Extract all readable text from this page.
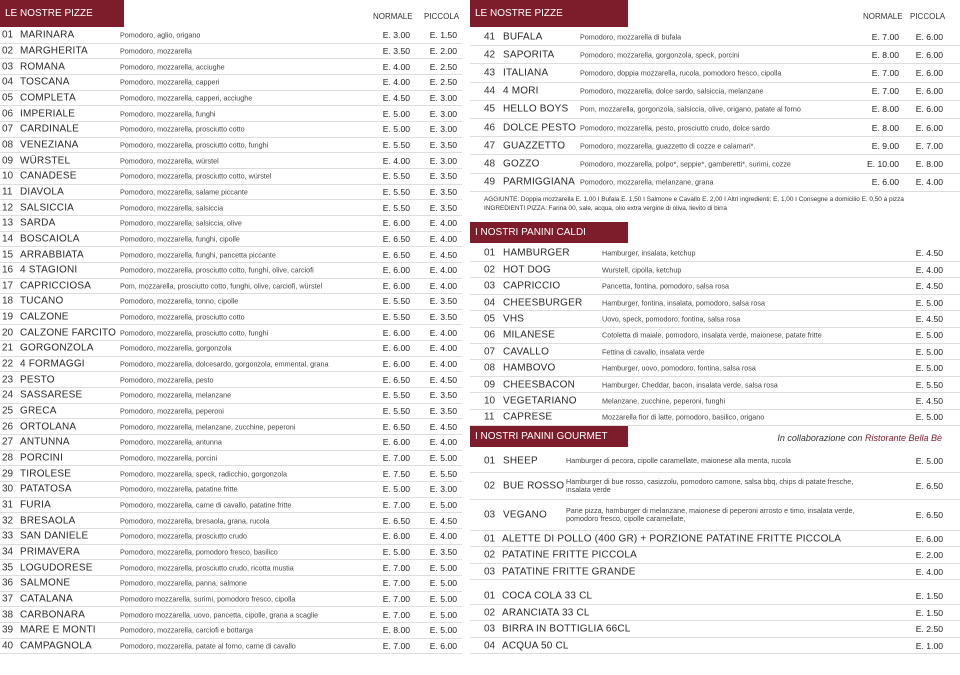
LE NOSTRE PIZZE	NORMALE PICCOLA
01 MARINARA	Pomodoro, aglio, origano	E. 3.00 E. 1.50
02 MARGHERITA	Pomodoro, mozzarella	E. 3.50 E. 2.00
03 ROMANA	Pomodoro, mozzarella, acciughe	E. 4.00 E. 2.50
04 TOSCANA	Pomodoro, mozzarella, capperi	E. 4.00 E. 2.50
05 COMPLETA	Pomodoro, mozzarella, capperi, acciughe	E. 4.50 E. 3.00
06 IMPERIALE	Pomodoro, mozzarella, funghi	E. 5.00 E. 3.00
07 CARDINALE	Pomodoro, mozzarella, prosciutto cotto	E. 5.00 E. 3.00
08 VENEZIANA	Pomodoro, mozzarella, prosciutto cotto, funghi	E. 5.50 E. 3.50
09 WÜRSTEL	Pomodoro, mozzarella, würstel	E. 4.00 E. 3.00
10 CANADESE	Pomodoro, mozzarella, prosciutto cotto, würstel	E. 5.50 E. 3.50
11 DIAVOLA	Pomodoro, mozzarella, salame piccante	E. 5.50 E. 3.50
12 SALSICCIA	Pomodoro, mozzarella, salsiccia	E. 5.50 E. 3.50
13 SARDA	Pomodoro, mozzarella, salsiccia, olive	E. 6.00 E. 4.00
14 BOSCAIOLA	Pomodoro, mozzarella, funghi, cipolle	E. 6.50 E. 4.00
15 ARRABBIATA	Pomodoro, mozzarella, funghi, pancetta piccante	E. 6.50 E. 4.50
16 4 STAGIONI	Pomodoro, mozzarella, prosciutto cotto, funghi, olive, carciofi	E. 6.00 E. 4.00
17 CAPRICCIOSA	Pom, mozzarella, prosciutto cotto, funghi, olive, carciofi, würstel	E. 6.00 E. 4.00
18 TUCANO	Pomodoro, mozzarella, tonno, cipolle	E. 5.50 E. 3.50
19 CALZONE	Pomodoro, mozzarella, prosciutto cotto	E. 5.50 E. 3.50
20 CALZONE FARCITO Pomodoro, mozzarella, prosciutto cotto, funghi	E. 6.00 E. 4.00
21 GORGONZOLA	Pomodoro, mozzarella, gorgonzola	E. 6.00 E. 4.00
22 4 FORMAGGI	Pomodoro, mozzarella, dolcesardo, gorgonzola, emmental, grana	E. 6.00 E. 4.00
23 PESTO	Pomodoro, mozzarella, pesto	E. 6.50 E. 4.50
24 SASSARESE	Pomodoro, mozzarella, melanzane	E. 5.50 E. 3.50
25 GRECA	Pomodoro, mozzarella, peperoni	E. 5.50 E. 3.50
26 ORTOLANA	Pomodoro, mozzarella, melanzane, zucchine, peperoni	E. 6.50 E. 4.50
27 ANTUNNA	Pomodoro, mozzarella, antunna	E. 6.00 E. 4.00
28 PORCINI	Pomodoro, mozzarella, porcini	E. 7.00 E. 5.00
29 TIROLESE	Pomodoro, mozzarella, speck, radicchio, gorgonzola	E. 7.50 E. 5.50
30 PATATOSA	Pomodoro, mozzarella, patatine fritte	E. 5.00 E. 3.00
31 FURIA	Pomodoro, mozzarella, carne di cavallo, patatine fritte	E. 7.00 E. 5.00
32 BRESAOLA	Pomodoro, mozzarella, bresaola, grana, rucola	E. 6.50 E. 4.50
33 SAN DANIELE	Pomodoro, mozzarella, prosciutto crudo	E. 6.00 E. 4.00
34 PRIMAVERA	Pomodoro, mozzarella, pomodoro fresco, basilico	E. 5.00 E. 3.50
35 LOGUDORESE	Pomodoro, mozzarella, prosciutto crudo, ricotta mustia	E. 7.00 E. 5.00
36 SALMONE	Pomodoro, mozzarella, panna, salmone	E. 7.00 E. 5.00
37 CATALANA	Pomodoro mozzarella, surimi, pomodoro fresco, cipolla	E. 7.00 E. 5.00
38 CARBONARA	Pomodoro mozzarella, uovo, pancetta, cipolle, grana a scaglie	E. 7.00 E. 5.00
39 MARE E MONTI	Pomodoro, mozzarella, carciofi e bottarga	E. 8.00 E. 5.00
40 CAMPAGNOLA	Pomodoro, mozzarella, patate al forno, carne di cavallo	E. 7.00 E. 6.00
LE NOSTRE PIZZE	NORMALE PICCOLA
41 BUFALA	Pomodoro, mozzarella di bufala	E. 7.00 E. 6.00
42 SAPORITA	Pomodoro, mozzarella, gorgonzola, speck, porcini	E. 8.00 E. 6.00
43 ITALIANA	Pomodoro, doppia mozzarella, rucola, pomodoro fresco, cipolla	E. 7.00 E. 6.00
44 4 MORI	Pomodoro, mozzarella, dolce sardo, salsiccia, melanzane	E. 7.00 E. 6.00
45 HELLO BOYS Pom, mozzarella, gorgonzola, salsiccia, olive, origano, patate al forno	E. 8.00 E. 6.00
46 DOLCE PESTO Pomodoro, mozzarella, pesto, prosciutto crudo, dolce sardo	E. 8.00 E. 6.00
47 GUAZZETTO Pomodoro, mozzarella, guazzetto di cozze e calamari*.	E. 9.00 E. 7.00
48 GOZZO	Pomodoro, mozzarella, polpo*, seppie*, gamberetti*, surimi, cozze	E. 10.00 E. 8.00
49 PARMIGGIANA Pomodoro, mozzarella, melanzane, grana	E. 6.00 E. 4.00
AGGIUNTE: Doppia mozzarella E. 1,00 I Bufala E. 1,50 I Salmone e Cavallo E. 2,00 I Altri ingredienti: E. 1,00 I Consegne a domicilio E. 0,50 a pizza
INGREDIENTI PIZZA: Farina 00, sale, acqua, olio extra vergine di oliva, lievito di birra
I NOSTRI PANINI CALDI
01 HAMBURGER	Hamburger, insalata, ketchup	E. 4.50
02 HOT DOG	Wurstell, cipolla, ketchup	E. 4.00
03 CAPRICCIO	Pancetta, fontina, pomodoro, salsa rosa	E. 4.50
04 CHEESBURGER	Hamburger, fontina, insalata, pomodoro, salsa rosa	E. 5.00
05 VHS	Uovo, speck, pomodoro, fontina, salsa rosa	E. 4.50
06 MILANESE	Cotoletta di maiale, pomodoro, insalata verde, maionese, patate fritte	E. 5.00
07 CAVALLO	Fettina di cavallo, insalata verde	E. 5.00
08 HAMBOVO	Hamburger, uovo, pomodoro, fontina, salsa rosa	E. 5.00
09 CHEESBACON	Hamburger, Cheddar, bacon, insalata verde, salsa rosa	E. 5.50
10 VEGETARIANO	Melanzane, zucchine, peperoni, funghi	E. 4.50
11 CAPRESE	Mozzarella fior di latte, pomodoro, basilico, origano	E. 5.00
I NOSTRI PANINI GOURMET	In collaborazione con Ristorante Bella Bè
01 SHEEP	Hamburger di pecora, cipolle caramellate, maionese alla menta, rucola	E. 5.00
02 BUE ROSSO Hamburger di bue rosso, casizzolu, pomodoro camone, salsa bbq, chips di patate fresche, insalata verde	E. 6.50
03 VEGANO	Pane pizza, hamburger di melanzane, maionese di peperoni arrosto e timo, insalata verde, pomodoro fresco, cipolle caramellate,	E. 6.50
01 ALETTE DI POLLO (400 GR) + PORZIONE PATATINE FRITTE PICCOLA	E. 6.00
02 PATATINE FRITTE PICCOLA	E. 2.00
03 PATATINE FRITTE GRANDE	E. 4.00
01 COCA COLA 33 CL	E. 1.50
02 ARANCIATA 33 CL	E. 1.50
03 BIRRA IN BOTTIGLIA 66CL	E. 2.50
04 ACQUA 50 CL	E. 1.00
